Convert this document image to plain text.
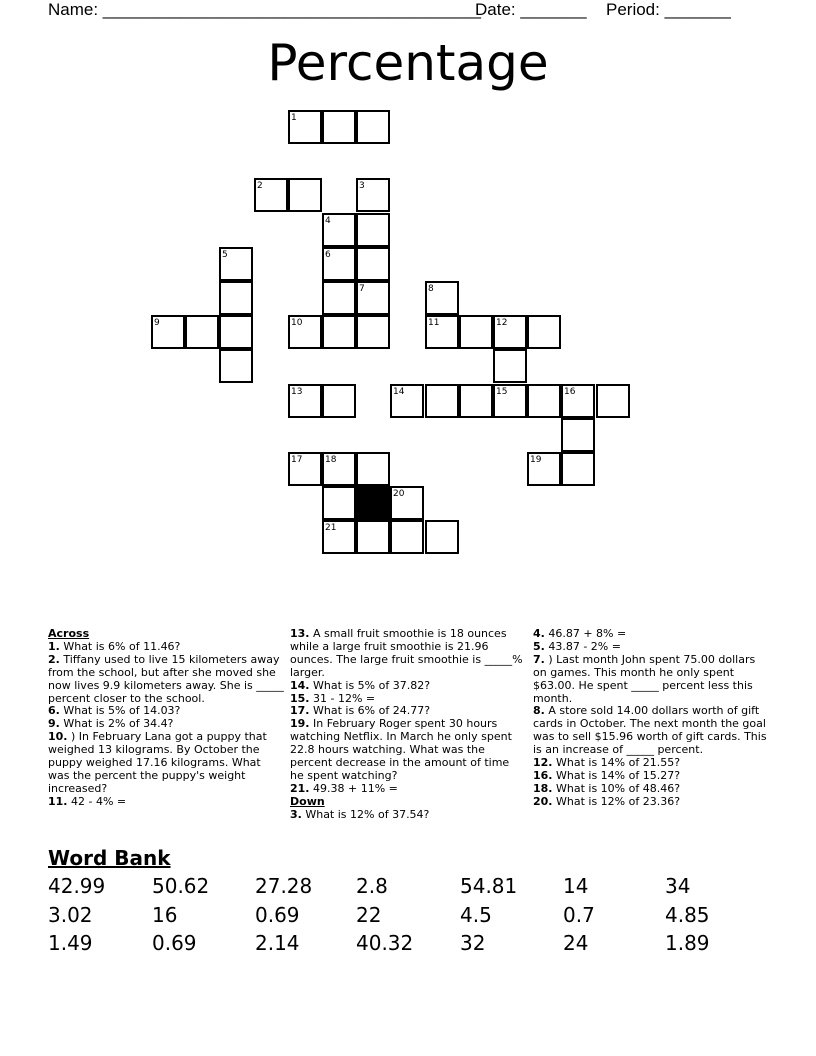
Name: ________________________________________
Date: _______ Period: _______
Percentage
1
2	3
4
5	6
7	8
9	10	11	12
13	14	15	16
17	18	19
20
21
Across
1. What is 6% of 11.46?
2. Tiffany used to live 15 kilometers away from the school, but after she moved she now lives 9.9 kilometers away. She is _____ percent closer to the school.
6. What is 5% of 14.03?
9. What is 2% of 34.4?
10. ) In February Lana got a puppy that weighed 13 kilograms. By October the puppy weighed 17.16 kilograms. What was the percent the puppy's weight increased?
11. 42 - 4% =
13. A small fruit smoothie is 18 ounces while a large fruit smoothie is 21.96 ounces. The large fruit smoothie is _____% larger.
14. What is 5% of 37.82?
15. 31 - 12% =
17. What is 6% of 24.77?
19. In February Roger spent 30 hours watching Netflix. In March he only spent 22.8 hours watching. What was the percent decrease in the amount of time he spent watching?
21. 49.38 + 11% =
Down
3. What is 12% of 37.54?
4. 46.87 + 8% =
5. 43.87 - 2% =
7. ) Last month John spent 75.00 dollars on games. This month he only spent $63.00. He spent _____ percent less this month.
8. A store sold 14.00 dollars worth of gift cards in October. The next month the goal was to sell $15.96 worth of gift cards. This is an increase of _____ percent.
12. What is 14% of 21.55?
16. What is 14% of 15.27?
18. What is 10% of 48.46?
20. What is 12% of 23.36?
Word Bank
42.99 50.62 27.28 2.8	54.81 14	34
3.02	16	0.69	22	4.5	0.7	4.85
1.49	0.69	2.14	40.32 32	24	1.89
